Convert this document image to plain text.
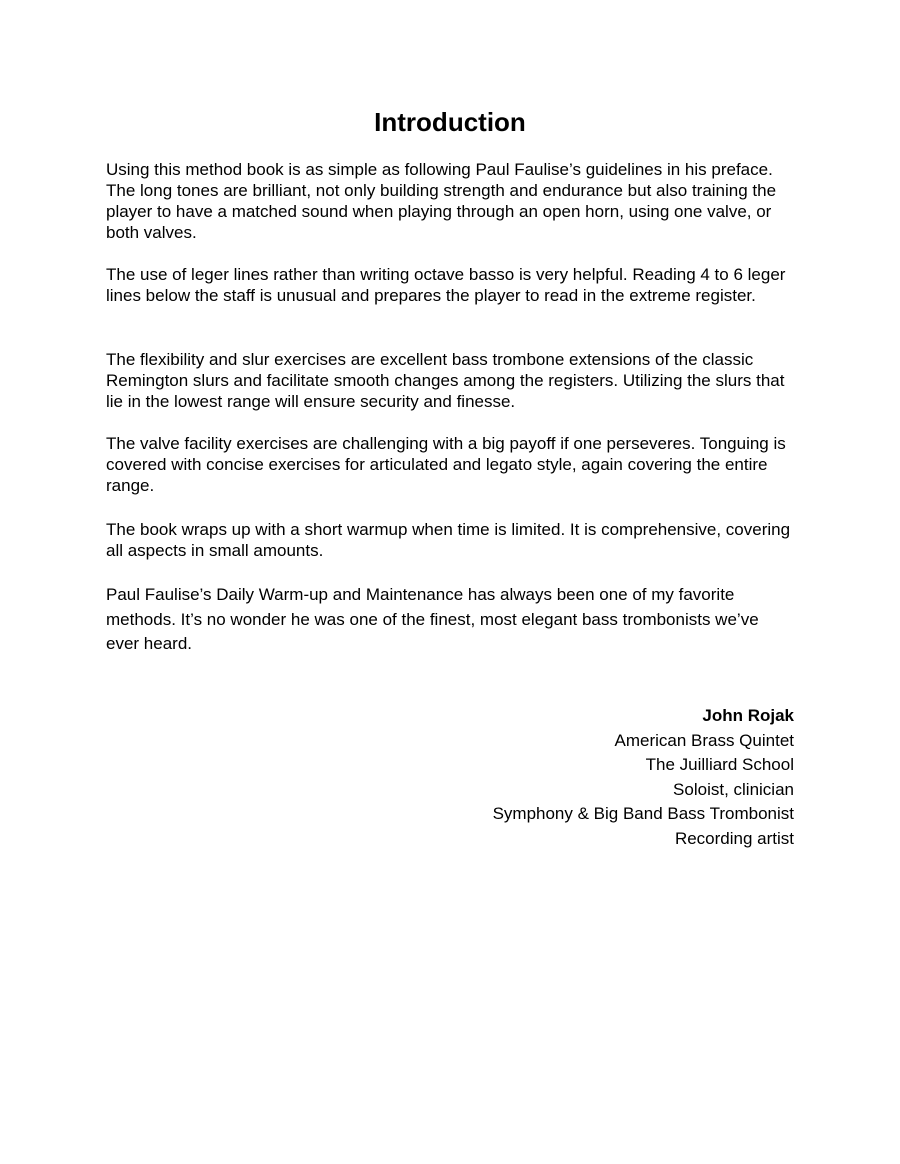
Introduction

Using this method book is as simple as following Paul Faulise’s guidelines in his preface. The long tones are brilliant, not only building strength and endurance but also training the player to have a matched sound when playing through an open horn, using one valve, or both valves.

The use of leger lines rather than writing octave basso is very helpful. Reading 4 to 6 leger lines below the staff is unusual and prepares the player to read in the extreme register.

The flexibility and slur exercises are excellent bass trombone extensions of the classic Remington slurs and facilitate smooth changes among the registers. Utilizing the slurs that lie in the lowest range will ensure security and finesse.

The valve facility exercises are challenging with a big payoff if one perseveres. Tonguing is covered with concise exercises for articulated and legato style, again covering the entire range.

The book wraps up with a short warmup when time is limited. It is comprehensive, covering all aspects in small amounts.

Paul Faulise’s Daily Warm-up and Maintenance has always been one of my favorite methods. It’s no wonder he was one of the finest, most elegant bass trombonists we’ve ever heard.

John Rojak
American Brass Quintet
The Juilliard School
Soloist, clinician
Symphony & Big Band Bass Trombonist
Recording artist
